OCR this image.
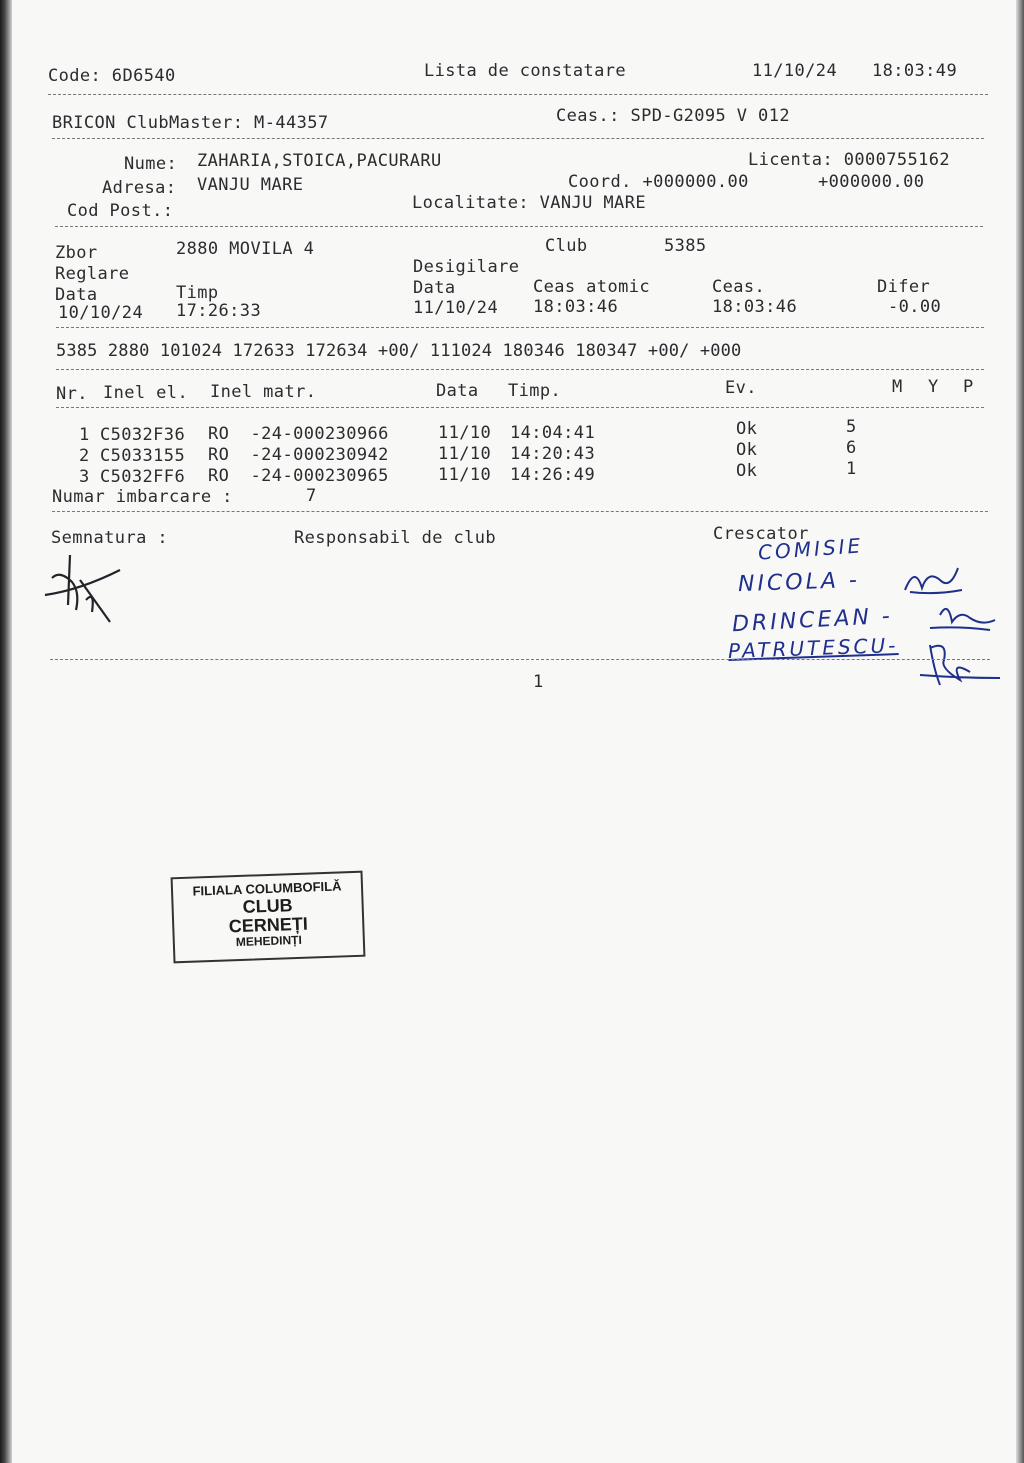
Code: 6D6540	Lista de constatare	11/10/24 18:03:49
BRICON ClubMaster: M-44357	Ceas.: SPD-G2095 V 012
Nume: ZAHARIA,STOICA,PACURARU	Licenta: 0000755162
Adresa: VANJU MARE	Coord. +000000.00	+000000.00
Cod Post.:	Localitate: VANJU MARE
Zbor	2880 MOVILA 4	Club	5385
Reglare	Desigilare
Data	Timp	Data	Ceas atomic	Ceas.	Difer
10/10/24 17:26:33	11/10/24 18:03:46	18:03:46	-0.00
5385 2880 101024 172633 172634 +00/ 111024 180346 180347 +00/ +000
Nr. Inel el. Inel matr.	Data Timp.	Ev.	M Y P
1 C5032F36 RO  -24-000230966	11/10 14:04:41	Ok	5
2 C5033155 RO  -24-000230942	11/10 14:20:43	Ok	6
3 C5032FF6 RO  -24-000230965	11/10 14:26:49	Ok	1
Numar imbarcare :	7
Semnatura :	Responsabil de club	Crescator
COMISIE
NICOLA -
DRINCEAN -
PATRUTESCU-
1
FILIALA COLUMBOFILĂ
CLUB
CERNEȚI
MEHEDINȚI
